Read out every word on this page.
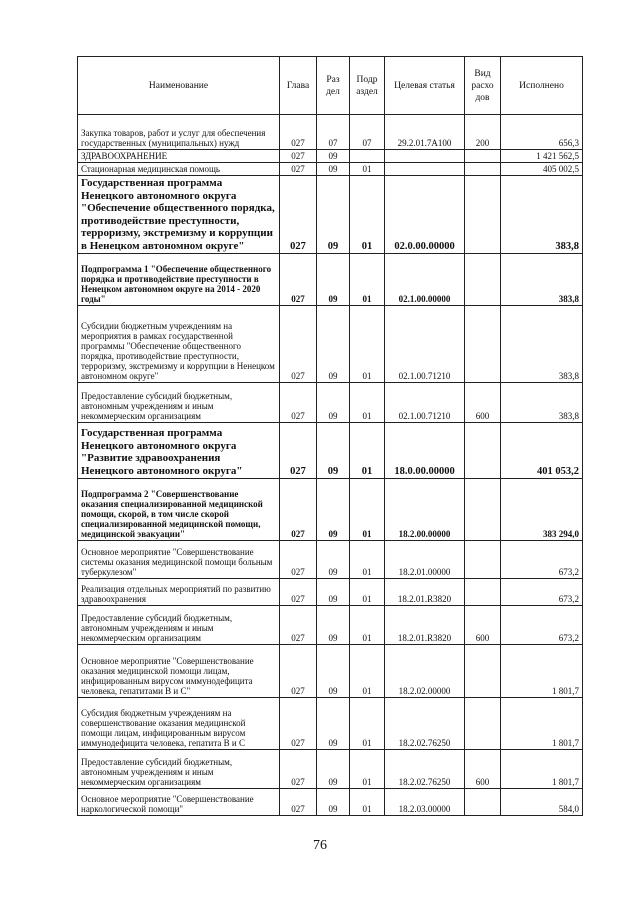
Наименование	Глава	Раз дел	Подр аздел	Целевая статья	Вид расхо дов	Исполнено
Закупка товаров, работ и услуг для обеспечения государственных (муниципальных) нужд	027	07	07	29.2.01.7A100	200	656,3
ЗДРАВООХРАНЕНИЕ	027	09				1 421 562,5
Стационарная медицинская помощь	027	09	01			405 002,5
Государственная программа Ненецкого автономного округа "Обеспечение общественного порядка, противодействие преступности, терроризму, экстремизму и коррупции в Ненецком автономном округе"	027	09	01	02.0.00.00000		383,8
Подпрограмма 1 "Обеспечение общественного порядка и противодействие преступности в Ненецком автономном округе на 2014 - 2020 годы"	027	09	01	02.1.00.00000		383,8
Субсидии бюджетным учреждениям на мероприятия в рамках государственной программы "Обеспечение общественного порядка, противодействие преступности, терроризму, экстремизму и коррупции в Ненецком автономном округе"	027	09	01	02.1.00.71210		383,8
Предоставление субсидий бюджетным, автономным учреждениям и иным некоммерческим организациям	027	09	01	02.1.00.71210	600	383,8
Государственная программа Ненецкого автономного округа "Развитие здравоохранения Ненецкого автономного округа"	027	09	01	18.0.00.00000		401 053,2
Подпрограмма 2 "Совершенствование оказания специализированной медицинской помощи, скорой, в том числе скорой специализированной медицинской помощи, медицинской эвакуации"	027	09	01	18.2.00.00000		383 294,0
Основное мероприятие "Совершенствование системы оказания медицинской помощи больным туберкулезом"	027	09	01	18.2.01.00000		673,2
Реализация отдельных мероприятий по развитию здравоохранения	027	09	01	18.2.01.R3820		673,2
Предоставление субсидий бюджетным, автономным учреждениям и иным некоммерческим организациям	027	09	01	18.2.01.R3820	600	673,2
Основное мероприятие "Совершенствование оказания медицинской помощи лицам, инфицированным вирусом иммунодефицита человека, гепатитами B и C"	027	09	01	18.2.02.00000		1 801,7
Субсидия бюджетным учреждениям на совершенствование оказания медицинской помощи лицам, инфицированным вирусом иммунодефицита человека, гепатита B и C	027	09	01	18.2.02.76250		1 801,7
Предоставление субсидий бюджетным, автономным учреждениям и иным некоммерческим организациям	027	09	01	18.2.02.76250	600	1 801,7
Основное мероприятие "Совершенствование наркологической помощи"	027	09	01	18.2.03.00000		584,0
76
